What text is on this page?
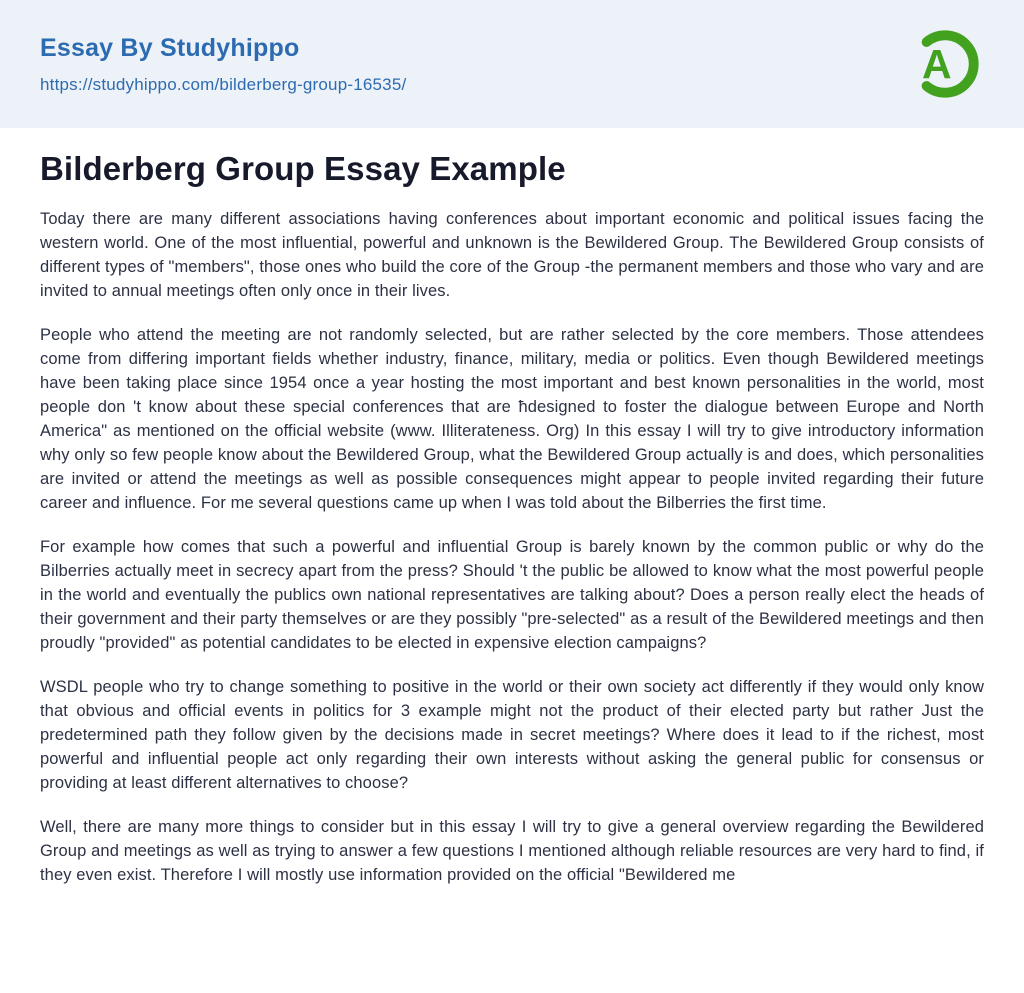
Essay By Studyhippo
https://studyhippo.com/bilderberg-group-16535/	A
Bilderberg Group Essay Example

Today there are many different associations having conferences about important economic and political issues facing the western world. One of the most influential, powerful and unknown is the Bewildered Group. The Bewildered Group consists of different types of "members", those ones who build the core of the Group -the permanent members and those who vary and are invited to annual meetings often only once in their lives.

People who attend the meeting are not randomly selected, but are rather selected by the core members. Those attendees come from differing important fields whether industry, finance, military, media or politics. Even though Bewildered meetings have been taking place since 1954 once a year hosting the most important and best known personalities in the world, most people don 't know about these special conferences that are ħdesigned to foster the dialogue between Europe and North America" as mentioned on the official website (www. Illiterateness. Org) In this essay I will try to give introductory information why only so few people know about the Bewildered Group, what the Bewildered Group actually is and does, which personalities are invited or attend the meetings as well as possible consequences might appear to people invited regarding their future career and influence. For me several questions came up when I was told about the Bilberries the first time.

For example how comes that such a powerful and influential Group is barely known by the common public or why do the Bilberries actually meet in secrecy apart from the press? Should 't the public be allowed to know what the most powerful people in the world and eventually the publics own national representatives are talking about? Does a person really elect the heads of their government and their party themselves or are they possibly "pre-selected" as a result of the Bewildered meetings and then proudly "provided" as potential candidates to be elected in expensive election campaigns?

WSDL people who try to change something to positive in the world or their own society act differently if they would only know that obvious and official events in politics for 3 example might not the product of their elected party but rather Just the predetermined path they follow given by the decisions made in secret meetings? Where does it lead to if the richest, most powerful and influential people act only regarding their own interests without asking the general public for consensus or providing at least different alternatives to choose?

Well, there are many more things to consider but in this essay I will try to give a general overview regarding the Bewildered Group and meetings as well as trying to answer a few questions I mentioned although reliable resources are very hard to find, if they even exist. Therefore I will mostly use information provided on the official "Bewildered me
